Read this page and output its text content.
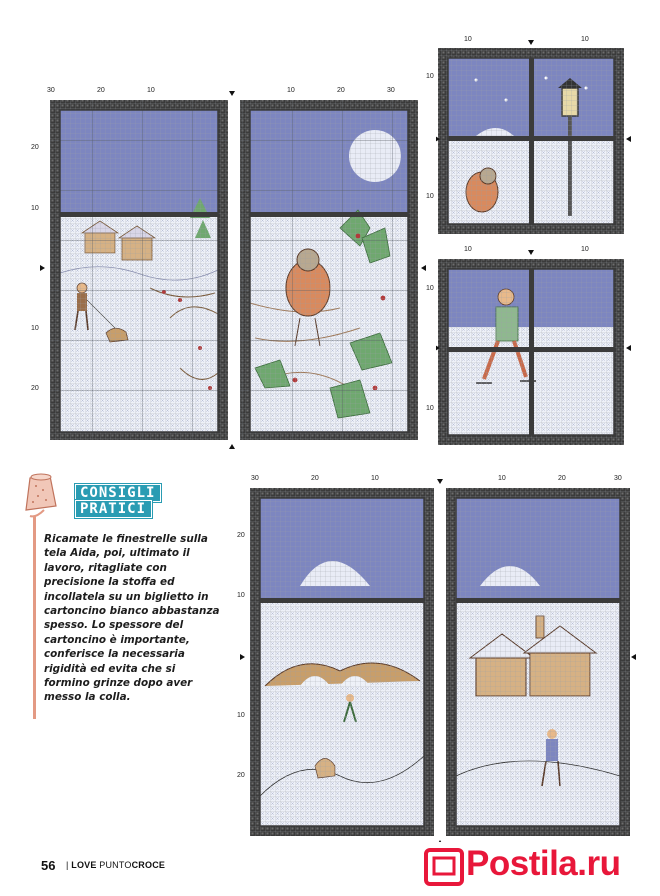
30	20	10	10	20	30
20
10
10
20
10	10
10
10
10	10
10
10
30	20	10	10	20	30
20
10
10
20
CONSIGLI
PRATICI
Ricamate le finestrelle sulla tela Aida, poi, ultimato il lavoro, ritagliate con precisione la stoffa ed incollatela su un biglietto in cartoncino bianco abbastanza spesso. Lo spessore del cartoncino è importante, conferisce la necessaria rigidità ed evita che si formino grinze dopo aver messo la colla.
56 | LOVE PUNTOCROCE	Postila.ru
